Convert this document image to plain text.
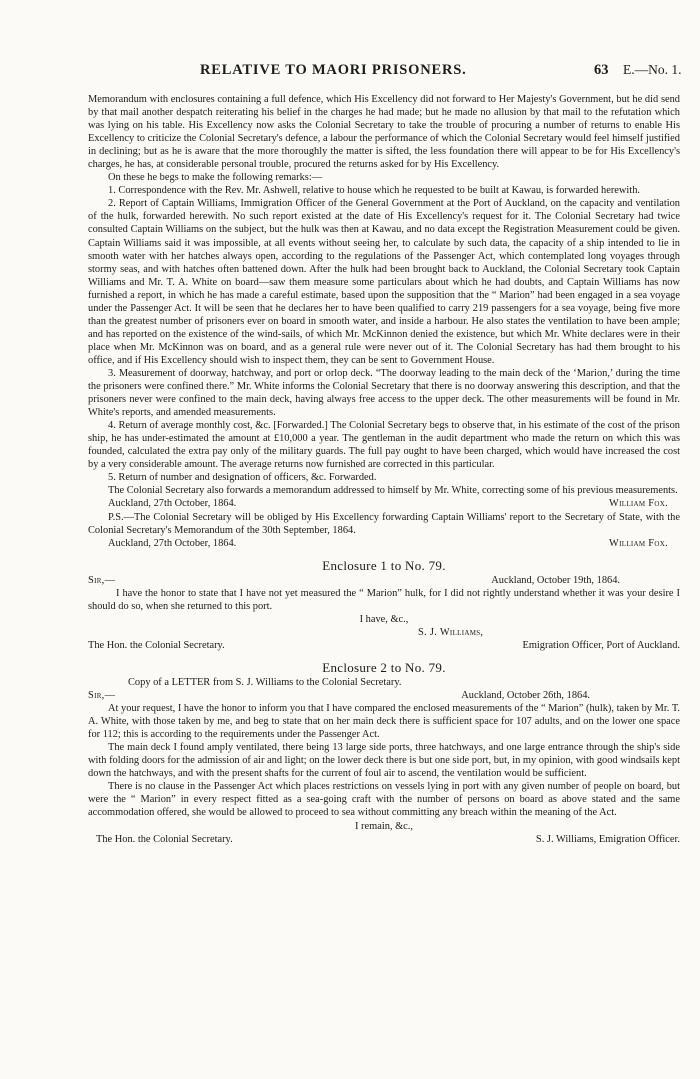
RELATIVE TO MAORI PRISONERS.	63 E.—No. 1.

Memorandum with enclosures containing a full defence, which His Excellency did not forward to Her Majesty's Government, but he did send by that mail another despatch reiterating his belief in the charges he had made; but he made no allusion by that mail to the refutation which was lying on his table. His Excellency now asks the Colonial Secretary to take the trouble of procuring a number of returns to enable His Excellency to criticize the Colonial Secretary's defence, a labour the performance of which the Colonial Secretary would feel himself justified in declining; but as he is aware that the more thoroughly the matter is sifted, the less foundation there will appear to be for His Excellency's charges, he has, at considerable personal trouble, procured the returns asked for by His Excellency.

On these he begs to make the following remarks:—

1. Correspondence with the Rev. Mr. Ashwell, relative to house which he requested to be built at Kawau, is forwarded herewith.

2. Report of Captain Williams, Immigration Officer of the General Government at the Port of Auckland, on the capacity and ventilation of the hulk, forwarded herewith. No such report existed at the date of His Excellency's request for it. The Colonial Secretary had twice consulted Captain Williams on the subject, but the hulk was then at Kawau, and no data except the Registration Measurement could be given. Captain Williams said it was impossible, at all events without seeing her, to calculate by such data, the capacity of a ship intended to lie in smooth water with her hatches always open, according to the regulations of the Passenger Act, which contemplated long voyages through stormy seas, and with hatches often battened down. After the hulk had been brought back to Auckland, the Colonial Secretary took Captain Williams and Mr. T. A. White on board—saw them measure some particulars about which he had doubts, and Captain Williams has now furnished a report, in which he has made a careful estimate, based upon the supposition that the “ Marion” had been engaged in a sea voyage under the Passenger Act. It will be seen that he declares her to have been qualified to carry 219 passengers for a sea voyage, being five more than the greatest number of prisoners ever on board in smooth water, and inside a harbour. He also states the ventilation to have been ample; and has reported on the existence of the wind-sails, of which Mr. McKinnon denied the existence, but which Mr. White declares were in their place when Mr. McKinnon was on board, and as a general rule were never out of it. The Colonial Secretary has had them brought to his office, and if His Excellency should wish to inspect them, they can be sent to Government House.

3. Measurement of doorway, hatchway, and port or orlop deck. “The doorway leading to the main deck of the ‘Marion,’ during the time the prisoners were confined there.” Mr. White informs the Colonial Secretary that there is no doorway answering this description, and that the prisoners never were confined to the main deck, having always free access to the upper deck. The other measurements will be found in Mr. White's reports, and amended measurements.

4. Return of average monthly cost, &c. [Forwarded.] The Colonial Secretary begs to observe that, in his estimate of the cost of the prison ship, he has under-estimated the amount at £10,000 a year. The gentleman in the audit department who made the return on which this was founded, calculated the extra pay only of the military guards. The full pay ought to have been charged, which would have increased the cost by a very considerable amount. The average returns now furnished are corrected in this particular.

5. Return of number and designation of officers, &c. Forwarded.

The Colonial Secretary also forwards a memorandum addressed to himself by Mr. White, correcting some of his previous measurements.

Auckland, 27th October, 1864.	William Fox.

P.S.—The Colonial Secretary will be obliged by His Excellency forwarding Captain Williams' report to the Secretary of State, with the Colonial Secretary's Memorandum of the 30th September, 1864.

Auckland, 27th October, 1864.	William Fox.
Enclosure 1 to No. 79.
Sir,—	Auckland, October 19th, 1864.

I have the honor to state that I have not yet measured the “ Marion” hulk, for I did not rightly understand whether it was your desire I should do so, when she returned to this port.

I have, &c.,
S. J. Williams,
The Hon. the Colonial Secretary.	Emigration Officer, Port of Auckland.
Enclosure 2 to No. 79.
Copy of a LETTER from S. J. Williams to the Colonial Secretary.
Sir,—	Auckland, October 26th, 1864.

At your request, I have the honor to inform you that I have compared the enclosed measurements of the “ Marion” (hulk), taken by Mr. T. A. White, with those taken by me, and beg to state that on her main deck there is sufficient space for 107 adults, and on the lower one space for 112; this is according to the requirements under the Passenger Act.

The main deck I found amply ventilated, there being 13 large side ports, three hatchways, and one large entrance through the ship's side with folding doors for the admission of air and light; on the lower deck there is but one side port, but, in my opinion, with good windsails kept down the hatchways, and with the present shafts for the current of foul air to ascend, the ventilation would be sufficient.

There is no clause in the Passenger Act which places restrictions on vessels lying in port with any given number of people on board, but were the “ Marion” in every respect fitted as a sea-going craft with the number of persons on board as above stated and the same accommodation offered, she would be allowed to proceed to sea without committing any breach within the meaning of the Act.

I remain, &c.,
The Hon. the Colonial Secretary.	S. J. Williams, Emigration Officer.
